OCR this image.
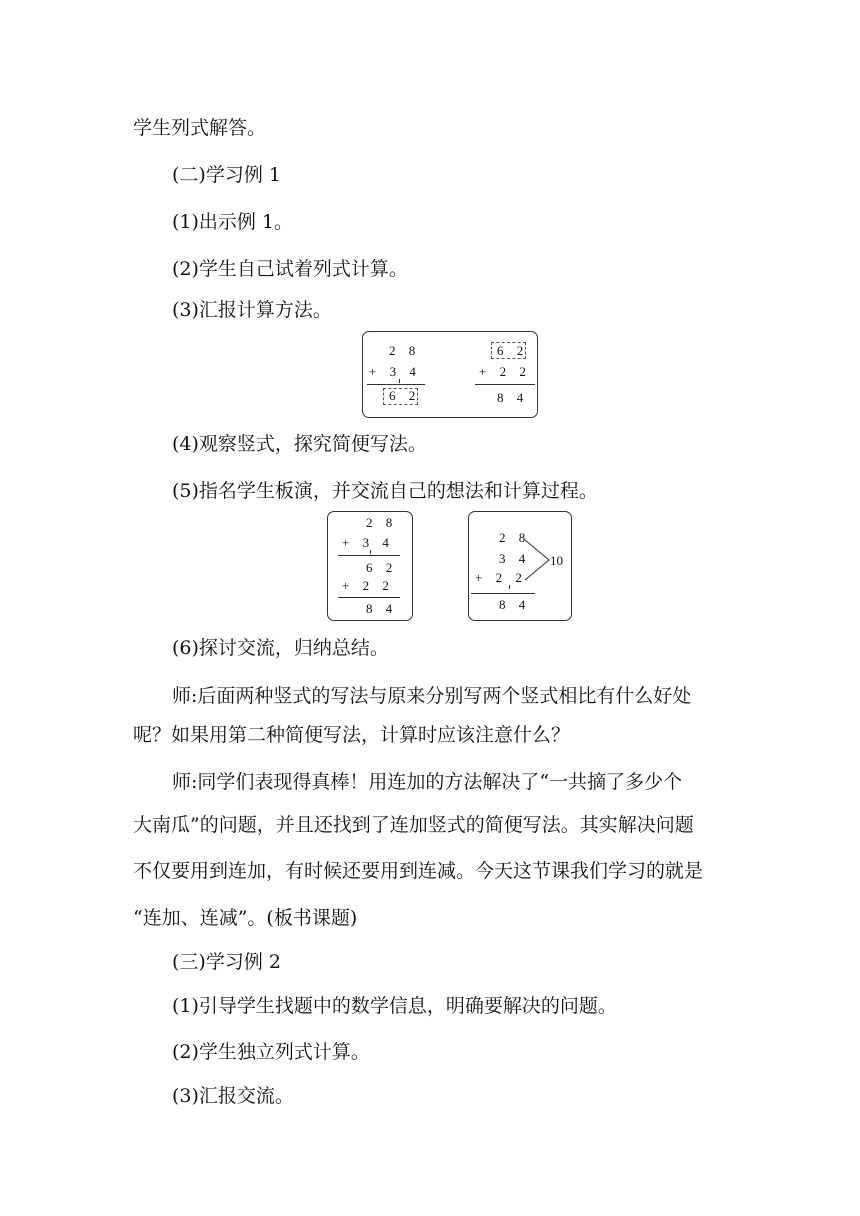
学生列式解答。
(二)学习例 1
(1)出示例 1。
(2)学生自己试着列式计算。
(3)汇报计算方法。
2 8
+ 3 4
6 2
6 2
+ 2 2
8 4
(4)观察竖式，探究简便写法。
(5)指名学生板演，并交流自己的想法和计算过程。
2 8
+ 3 4
6 2
+ 2 2
8 4
2 8
3 4
+ 2 2
10
8 4
(6)探讨交流，归纳总结。
师:后面两种竖式的写法与原来分别写两个竖式相比有什么好处
呢？如果用第二种简便写法，计算时应该注意什么？
师:同学们表现得真棒！用连加的方法解决了“一共摘了多少个
大南瓜”的问题，并且还找到了连加竖式的简便写法。其实解决问题
不仅要用到连加，有时候还要用到连减。今天这节课我们学习的就是
“连加、连减”。(板书课题)
(三)学习例 2
(1)引导学生找题中的数学信息，明确要解决的问题。
(2)学生独立列式计算。
(3)汇报交流。
